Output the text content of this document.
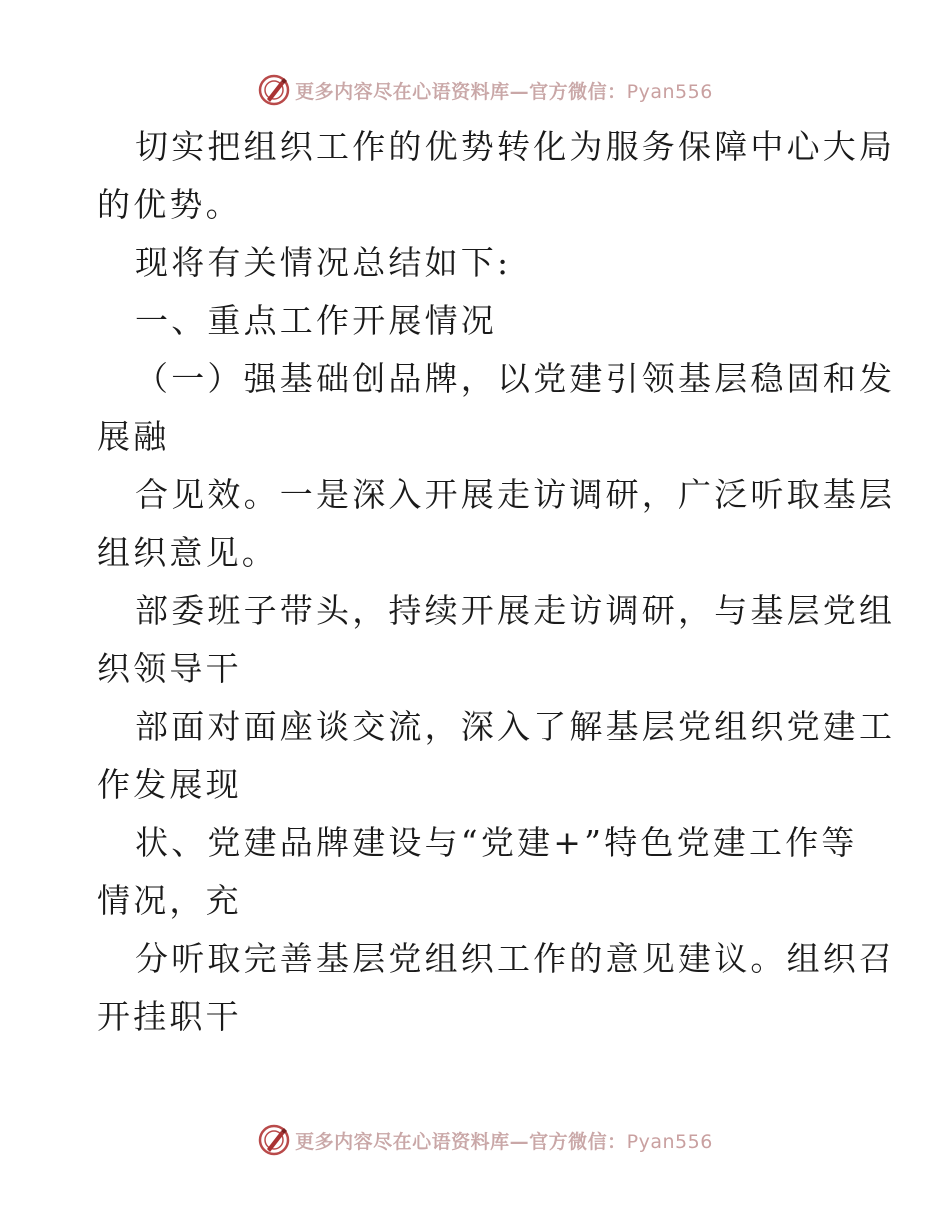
更多内容尽在心语资料库—官方微信：Pyan556
切实把组织工作的优势转化为服务保障中心大局
的优势。
现将有关情况总结如下:
一、重点工作开展情况
（一）强基础创品牌，以党建引领基层稳固和发
展融
合见效。一是深入开展走访调研，广泛听取基层
组织意见。
部委班子带头，持续开展走访调研，与基层党组
织领导干
部面对面座谈交流，深入了解基层党组织党建工
作发展现
状、党建品牌建设与“党建+”特色党建工作等
情况，充
分听取完善基层党组织工作的意见建议。组织召
开挂职干
更多内容尽在心语资料库—官方微信：Pyan556
